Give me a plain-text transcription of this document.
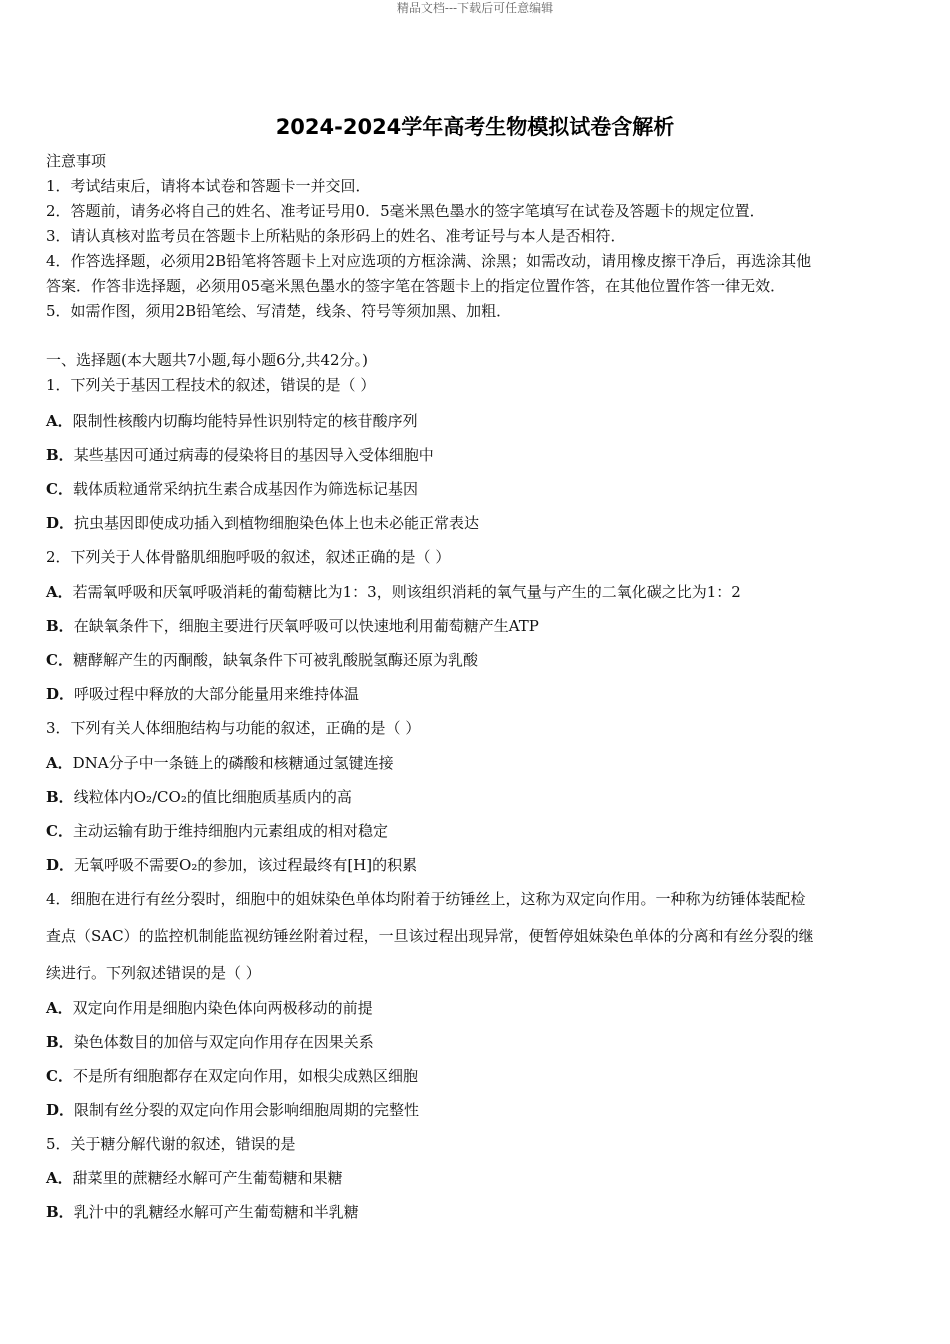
精品文档---下载后可任意编辑
2024-2024学年高考生物模拟试卷含解析
注意事项
1．考试结束后，请将本试卷和答题卡一并交回．
2．答题前，请务必将自己的姓名、准考证号用0．5毫米黑色墨水的签字笔填写在试卷及答题卡的规定位置．
3．请认真核对监考员在答题卡上所粘贴的条形码上的姓名、准考证号与本人是否相符．
4．作答选择题，必须用2B铅笔将答题卡上对应选项的方框涂满、涂黑；如需改动，请用橡皮擦干净后，再选涂其他
答案．作答非选择题，必须用05毫米黑色墨水的签字笔在答题卡上的指定位置作答，在其他位置作答一律无效．
5．如需作图，须用2B铅笔绘、写清楚，线条、符号等须加黑、加粗．
一、选择题(本大题共7小题,每小题6分,共42分。)
1．下列关于基因工程技术的叙述，错误的是（ ）
A．限制性核酸内切酶均能特异性识别特定的核苷酸序列
B．某些基因可通过病毒的侵染将目的基因导入受体细胞中
C．载体质粒通常采纳抗生素合成基因作为筛选标记基因
D．抗虫基因即使成功插入到植物细胞染色体上也未必能正常表达
2．下列关于人体骨骼肌细胞呼吸的叙述，叙述正确的是（ ）
A．若需氧呼吸和厌氧呼吸消耗的葡萄糖比为1：3，则该组织消耗的氧气量与产生的二氧化碳之比为1：2
B．在缺氧条件下，细胞主要进行厌氧呼吸可以快速地利用葡萄糖产生ATP
C．糖酵解产生的丙酮酸，缺氧条件下可被乳酸脱氢酶还原为乳酸
D．呼吸过程中释放的大部分能量用来维持体温
3．下列有关人体细胞结构与功能的叙述，正确的是（ ）
A．DNA分子中一条链上的磷酸和核糖通过氢键连接
B．线粒体内O₂/CO₂的值比细胞质基质内的高
C．主动运输有助于维持细胞内元素组成的相对稳定
D．无氧呼吸不需要O₂的参加，该过程最终有[H]的积累
4．细胞在进行有丝分裂时，细胞中的姐妹染色单体均附着于纺锤丝上，这称为双定向作用。一种称为纺锤体装配检
查点（SAC）的监控机制能监视纺锤丝附着过程，一旦该过程出现异常，便暂停姐妹染色单体的分离和有丝分裂的继
续进行。下列叙述错误的是（ ）
A．双定向作用是细胞内染色体向两极移动的前提
B．染色体数目的加倍与双定向作用存在因果关系
C．不是所有细胞都存在双定向作用，如根尖成熟区细胞
D．限制有丝分裂的双定向作用会影响细胞周期的完整性
5．关于糖分解代谢的叙述，错误的是
A．甜菜里的蔗糖经水解可产生葡萄糖和果糖
B．乳汁中的乳糖经水解可产生葡萄糖和半乳糖
